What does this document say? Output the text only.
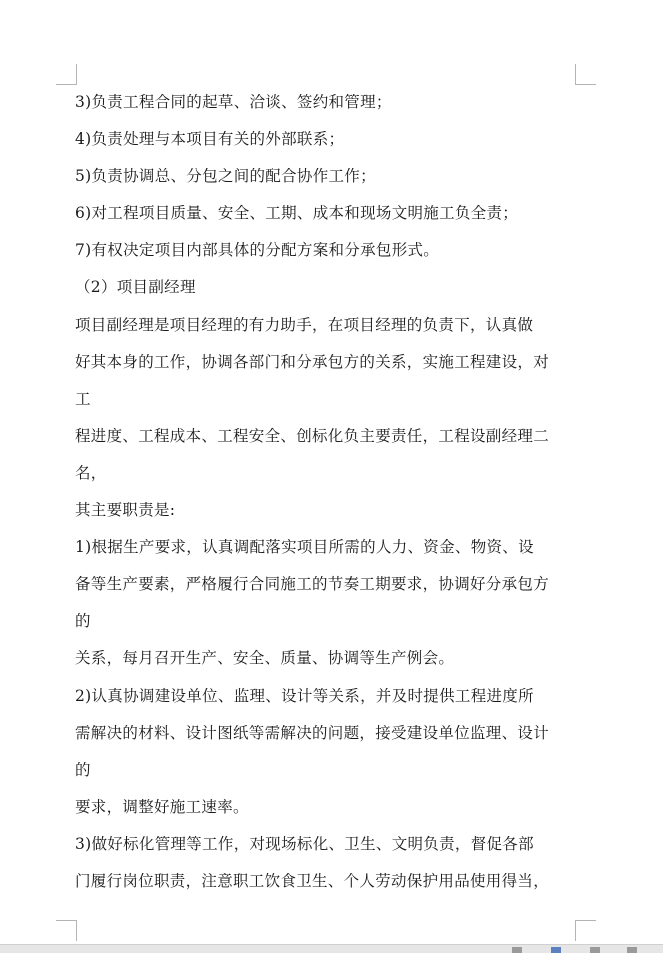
3)负责工程合同的起草、洽谈、签约和管理；
4)负责处理与本项目有关的外部联系；
5)负责协调总、分包之间的配合协作工作；
6)对工程项目质量、安全、工期、成本和现场文明施工负全责；
7)有权决定项目内部具体的分配方案和分承包形式。
（2）项目副经理
项目副经理是项目经理的有力助手，在项目经理的负责下，认真做
好其本身的工作，协调各部门和分承包方的关系，实施工程建设，对
工
程进度、工程成本、工程安全、创标化负主要责任，工程设副经理二
名，
其主要职责是:
1)根据生产要求，认真调配落实项目所需的人力、资金、物资、设
备等生产要素，严格履行合同施工的节奏工期要求，协调好分承包方
的
关系，每月召开生产、安全、质量、协调等生产例会。
2)认真协调建设单位、监理、设计等关系，并及时提供工程进度所
需解决的材料、设计图纸等需解决的问题，接受建设单位监理、设计
的
要求，调整好施工速率。
3)做好标化管理等工作，对现场标化、卫生、文明负责，督促各部
门履行岗位职责，注意职工饮食卫生、个人劳动保护用品使用得当，
